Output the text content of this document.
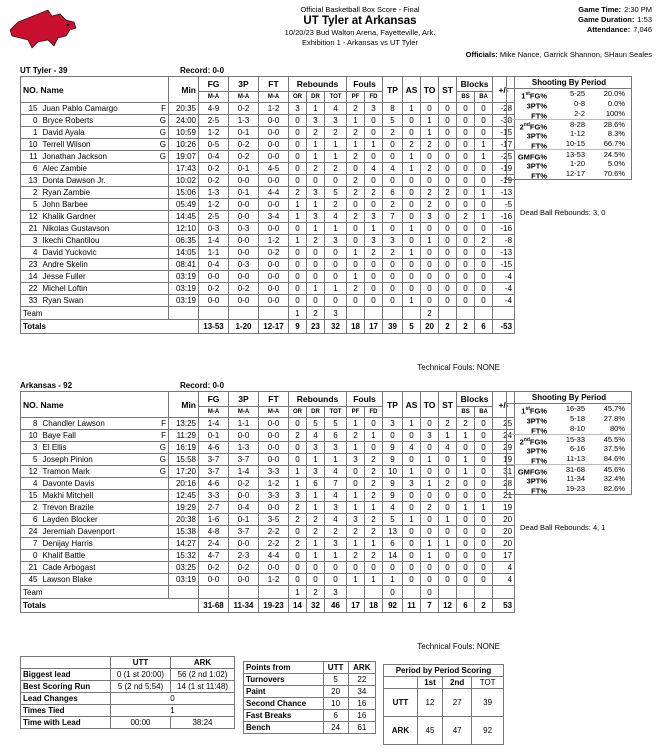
Official Basketball Box Score - Final
UT Tyler at Arkansas
10/20/23 Bud Walton Arena, Fayetteville, Ark.
Exhibition 1 - Arkansas vs UT Tyler
Game Time: 2:30 PM
Game Duration: 1:53
Attendance: 7,046
Officials: Mike Nance, Garrick Shannon, SHaun Seales
UT Tyler - 39	Record: 0-0
NO. Name		Min	FG	3P	FT	Rebounds			Fouls		TP	AS	TO	ST	Blocks		+/-
			M-A	M-A	M-A	OR	DR	TOT	PF	FD					BS	BA	
15	Juan Pablo Camargo F	20:35	4-9	0-2	1-2	3	1	4	2	3	8	1	0	0	0	0	-28
0	Bryce Roberts G	24:00	2-5	1-3	0-0	0	3	3	1	0	5	0	1	0	0	0	-38
1	David Ayala G	10:59	1-2	0-1	0-0	0	2	2	2	0	2	0	1	0	0	0	-15
10	Terrell Wilson G	10:26	0-5	0-2	0-0	0	1	1	1	1	0	2	2	0	0	1	-17
11	Jonathan Jackson G	19:07	0-4	0-2	0-0	0	1	1	2	0	0	1	0	0	0	1	-25
6	Alec Zambie	17:43	0-2	0-1	4-5	0	2	2	0	4	4	1	2	0	0	0	-19
13	Donta Dawson Jr.	10:02	0-2	0-0	0-0	0	0	0	2	0	0	0	0	0	0	0	-19
2	Ryan Zambie	15:06	1-3	0-1	4-4	2	3	5	2	2	6	0	2	2	0	1	-13
5	John Barbee	05:49	1-2	0-0	0-0	1	1	2	0	0	2	0	2	0	0	0	-5
12	Khalik Gardner	14:45	2-5	0-0	3-4	1	3	4	2	3	7	0	3	0	2	1	-16
21	Nikolas Gustavson	12:10	0-3	0-3	0-0	0	1	1	0	1	0	1	0	0	0	0	-16
3	Ikechi Chantilou	06:35	1-4	0-0	1-2	1	2	3	0	3	3	0	1	0	0	2	-8
4	David Yuckovic	14:05	1-1	0-0	0-2	0	0	0	1	2	2	1	0	0	0	0	-13
23	Andre Skelin	08:41	0-4	0-3	0-0	0	0	0	0	0	0	0	0	0	0	0	-15
14	Jesse Fuller	03:19	0-0	0-0	0-0	0	0	0	1	0	0	0	0	0	0	0	-4
22	Michel Loftin	03:19	0-2	0-2	0-0	0	1	1	2	0	0	0	0	0	0	0	-4
33	Ryan Swan	03:19	0-0	0-0	0-0	0	0	0	0	0	0	1	0	0	0	0	-4
Team						1	2	3					2				
Totals			13-53	1-20	12-17	9	23	32	18	17	39	5	20	2	2	6	-53
Technical Fouls: NONE
Shooting By Period
1stFG%	5-25	20.0%
3PT%	0-8	0.0%
FT%	2-2	100%
2ndFG%	8-28	28.6%
3PT%	1-12	8.3%
FT%	10-15	66.7%
GMFG%	13-53	24.5%
3PT%	1-20	5.0%
FT%	12-17	70.6%
Dead Ball Rebounds: 3, 0
Arkansas - 92	Record: 0-0
NO. Name		Min	FG	3P	FT	Rebounds			Fouls		TP	AS	TO	ST	Blocks		+/-
			M-A	M-A	M-A	OR	DR	TOT	PF	FD					BS	BA	
8	Chandler Lawson F	13:25	1-4	1-1	0-0	0	5	5	1	0	3	1	0	2	2	0	25
10	Baye Fall F	11:29	0-1	0-0	0-0	2	4	6	2	1	0	0	3	1	1	0	24
3	El Ellis G	16:19	4-6	1-3	0-0	0	3	3	1	0	9	4	0	4	0	0	29
5	Joseph Pinion G	15:58	3-7	3-7	0-0	0	1	1	3	2	9	0	1	0	1	0	19
12	Tramon Mark G	17:20	3-7	1-4	3-3	1	3	4	0	2	10	1	0	0	1	0	31
4	Davonte Davis	20:16	4-6	0-2	1-2	1	6	7	0	2	9	3	1	2	0	0	28
15	Makhi Mitchell	12:45	3-3	0-0	3-3	3	1	4	1	2	9	0	0	0	0	0	21
2	Trevon Brazile	19:29	2-7	0-4	0-0	2	1	3	1	1	4	0	2	0	1	1	19
6	Layden Blocker	20:38	1-6	0-1	3-5	2	2	4	3	2	5	1	0	1	0	0	20
24	Jeremiah Davenport	15:38	4-8	3-7	2-2	0	2	2	2	2	13	0	0	0	0	0	20
7	Denijay Harris	14:27	2-4	0-0	2-2	2	1	3	1	1	6	0	1	1	0	0	20
0	Khalif Battle	15:32	4-7	2-3	4-4	0	1	1	2	2	14	0	1	0	0	0	17
21	Cade Arbogast	03:25	0-2	0-2	0-0	0	0	0	0	0	0	0	0	0	0	0	4
45	Lawson Blake	03:19	0-0	0-0	1-2	0	0	0	1	1	1	0	0	0	0	0	4
Team						1	2	3			0		0				
Totals			31-68	11-34	19-23	14	32	46	17	18	92	11	7	12	6	2	53
Technical Fouls: NONE
Shooting By Period
1stFG%	16-35	45.7%
3PT%	5-18	27.8%
FT%	8-10	80%
2ndFG%	15-33	45.5%
3PT%	6-16	37.5%
FT%	11-13	84.6%
GMFG%	31-68	45.6%
3PT%	11-34	32.4%
FT%	19-23	82.6%
Dead Ball Rebounds: 4, 1
	UTT	ARK
Biggest lead	0 (1 st 20:00)	56 (2 nd 1:02)
Best Scoring Run	5 (2 nd 5:54)	14 (1 st 11:48)
Lead Changes	0	
Times Tied	1	
Time with Lead	00:00	38:24
Points from	UTT	ARK
Turnovers	5	22
Paint	20	34
Second Chance	10	16
Fast Breaks	6	16
Bench	24	61
Period by Period Scoring			
	1st	2nd	TOT
UTT	12	27	39
ARK	45	47	92
